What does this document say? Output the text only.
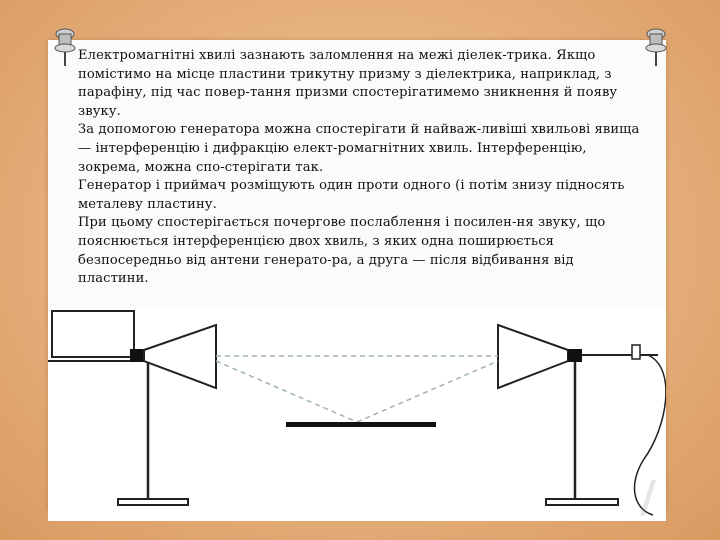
Електромагнітні хвилі зазнають заломлення на межі діелек-трика. Якщо помістимо на місце пластини трикутну призму з діелектрика, наприклад, з парафіну, під час повер-тання призми спостерігатимемо зникнення й появу звуку.

За допомогою генератора можна спостерігати й найваж-ливіші хвильові явища — інтерференцію і дифракцію елект-ромагнітних хвиль. Інтерференцію, зокрема, можна спо-стерігати так.

Генератор і приймач розміщують один проти одного (і потім знизу підносять металеву пластину.

При цьому спостерігається почергове послаблення і посилен-ня звуку, що пояснюється інтерференцією двох хвиль, з яких одна поширюється безпосередньо від антени генерато-ра, а друга — після відбивання від пластини.

/
